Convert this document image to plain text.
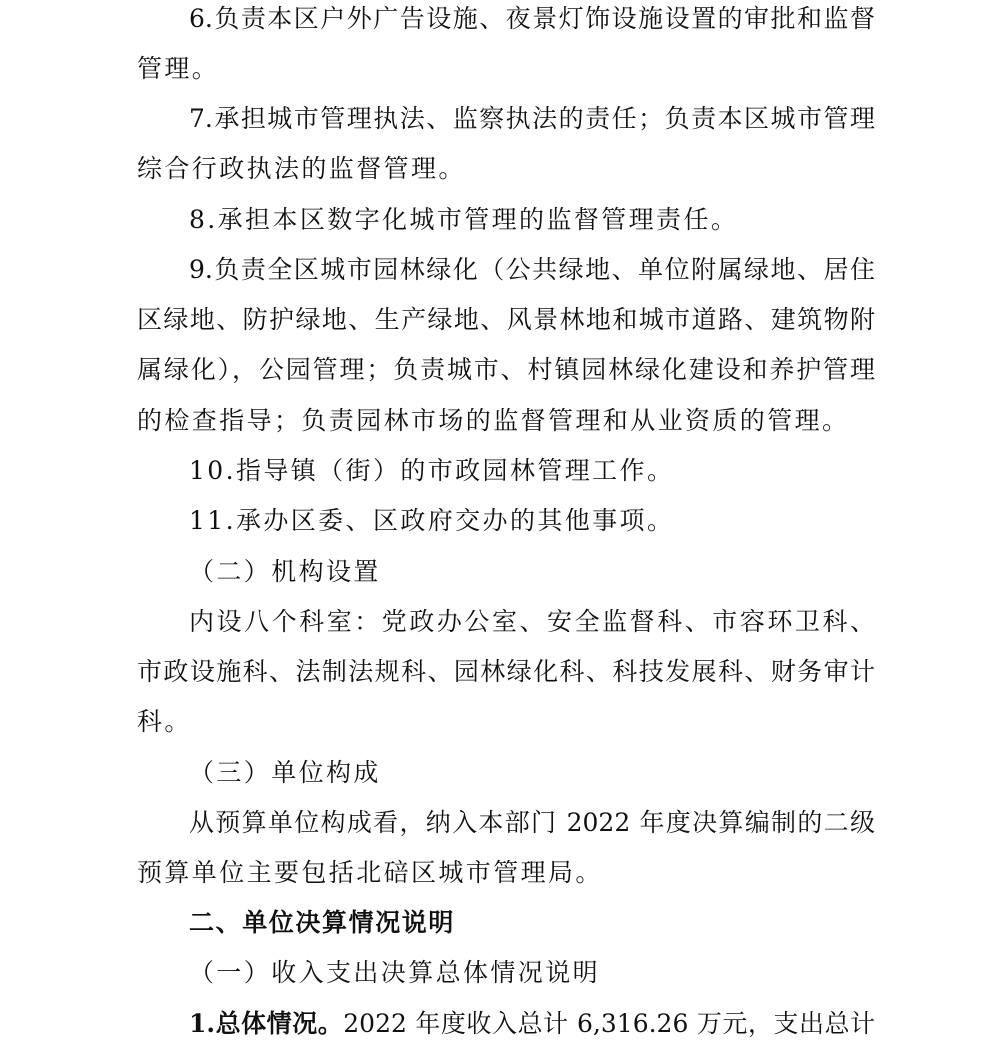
6.负责本区户外广告设施、夜景灯饰设施设置的审批和监督
管理。
7.承担城市管理执法、监察执法的责任；负责本区城市管理
综合行政执法的监督管理。
8.承担本区数字化城市管理的监督管理责任。
9.负责全区城市园林绿化（公共绿地、单位附属绿地、居住
区绿地、防护绿地、生产绿地、风景林地和城市道路、建筑物附
属绿化），公园管理；负责城市、村镇园林绿化建设和养护管理
的检查指导；负责园林市场的监督管理和从业资质的管理。
10.指导镇（街）的市政园林管理工作。
11.承办区委、区政府交办的其他事项。
（二）机构设置
内设八个科室：党政办公室、安全监督科、市容环卫科、
市政设施科、法制法规科、园林绿化科、科技发展科、财务审计
科。
（三）单位构成
从预算单位构成看，纳入本部门 2022 年度决算编制的二级
预算单位主要包括北碚区城市管理局。
二、单位决算情况说明
（一）收入支出决算总体情况说明
1.总体情况。2022 年度收入总计 6,316.26 万元，支出总计
